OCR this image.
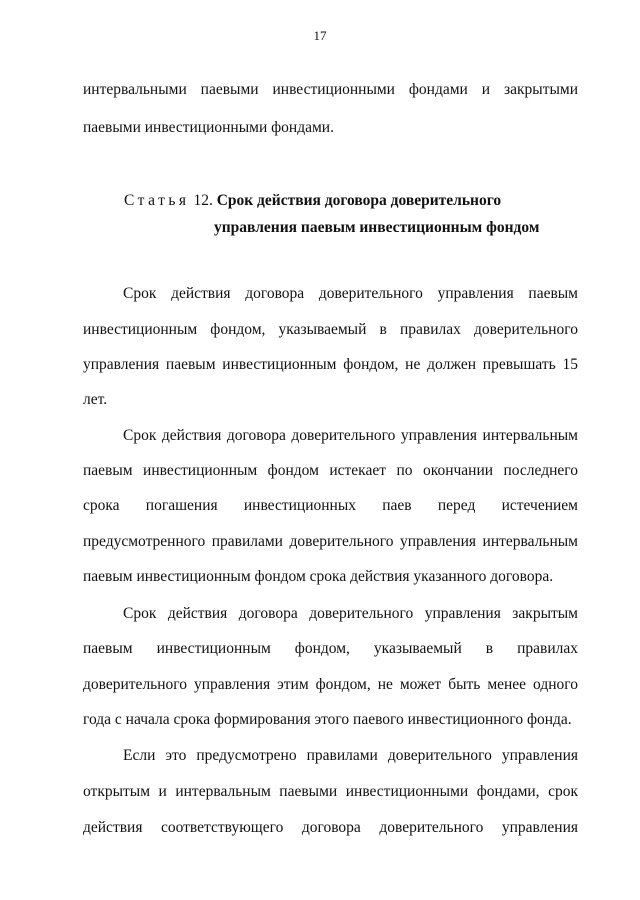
17
интервальными паевыми инвестиционными фондами и закрытыми
паевыми инвестиционными фондами.
Статья 12. Срок действия договора доверительного
управления паевым инвестиционным фондом
Срок действия договора доверительного управления паевым
инвестиционным фондом, указываемый в правилах доверительного
управления паевым инвестиционным фондом, не должен превышать 15
лет.
Срок действия договора доверительного управления интервальным
паевым инвестиционным фондом истекает по окончании последнего
срока погашения инвестиционных паев перед истечением
предусмотренного правилами доверительного управления интервальным
паевым инвестиционным фондом срока действия указанного договора.
Срок действия договора доверительного управления закрытым
паевым инвестиционным фондом, указываемый в правилах
доверительного управления этим фондом, не может быть менее одного
года с начала срока формирования этого паевого инвестиционного фонда.
Если это предусмотрено правилами доверительного управления
открытым и интервальным паевыми инвестиционными фондами, срок
действия соответствующего договора доверительного управления
